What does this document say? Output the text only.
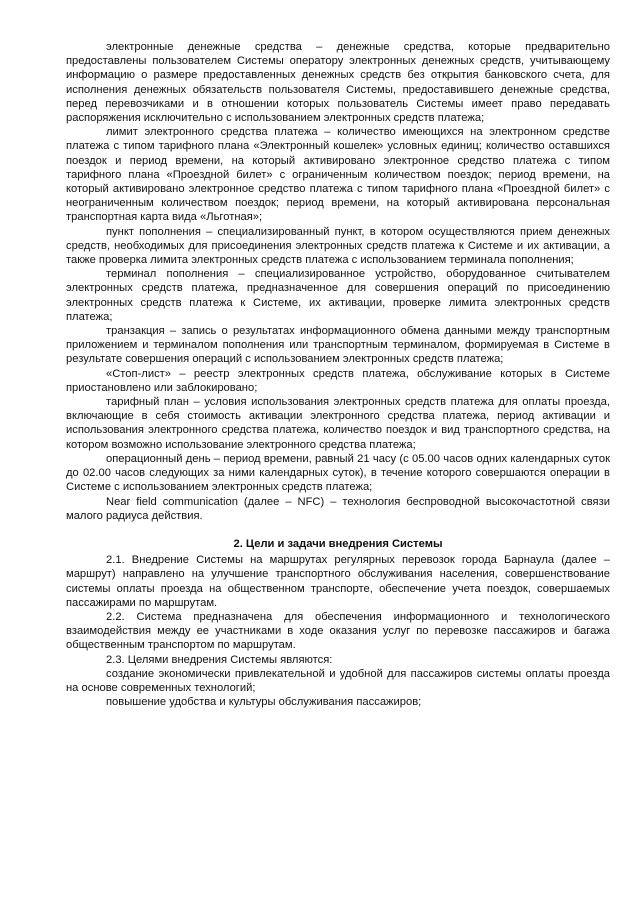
электронные денежные средства – денежные средства, которые предварительно предоставлены пользователем Системы оператору электронных денежных средств, учитывающему информацию о размере предоставленных денежных средств без открытия банковского счета, для исполнения денежных обязательств пользователя Системы, предоставившего денежные средства, перед перевозчиками и в отношении которых пользователь Системы имеет право передавать распоряжения исключительно с использованием электронных средств платежа;

лимит электронного средства платежа – количество имеющихся на электронном средстве платежа с типом тарифного плана «Электронный кошелек» условных единиц; количество оставшихся поездок и период времени, на который активировано электронное средство платежа с типом тарифного плана «Проездной билет» с ограниченным количеством поездок; период времени, на который активировано электронное средство платежа с типом тарифного плана «Проездной билет» с неограниченным количеством поездок; период времени, на который активирована персональная транспортная карта вида «Льготная»;

пункт пополнения – специализированный пункт, в котором осуществляются прием денежных средств, необходимых для присоединения электронных средств платежа к Системе и их активации, а также проверка лимита электронных средств платежа с использованием терминала пополнения;

терминал пополнения – специализированное устройство, оборудованное считывателем электронных средств платежа, предназначенное для совершения операций по присоединению электронных средств платежа к Системе, их активации, проверке лимита электронных средств платежа;

транзакция – запись о результатах информационного обмена данными между транспортным приложением и терминалом пополнения или транспортным терминалом, формируемая в Системе в результате совершения операций с использованием электронных средств платежа;

«Стоп-лист» – реестр электронных средств платежа, обслуживание которых в Системе приостановлено или заблокировано;

тарифный план – условия использования электронных средств платежа для оплаты проезда, включающие в себя стоимость активации электронного средства платежа, период активации и использования электронного средства платежа, количество поездок и вид транспортного средства, на котором возможно использование электронного средства платежа;

операционный день – период времени, равный 21 часу (с 05.00 часов одних календарных суток до 02.00 часов следующих за ними календарных суток), в течение которого совершаются операции в Системе с использованием электронных средств платежа;

Near field communication (далее – NFC) – технология беспроводной высокочастотной связи малого радиуса действия.

2. Цели и задачи внедрения Системы

2.1. Внедрение Системы на маршрутах регулярных перевозок города Барнаула (далее – маршрут) направлено на улучшение транспортного обслуживания населения, совершенствование системы оплаты проезда на общественном транспорте, обеспечение учета поездок, совершаемых пассажирами по маршрутам.

2.2. Система предназначена для обеспечения информационного и технологического взаимодействия между ее участниками в ходе оказания услуг по перевозке пассажиров и багажа общественным транспортом по маршрутам.

2.3. Целями внедрения Системы являются:

создание экономически привлекательной и удобной для пассажиров системы оплаты проезда на основе современных технологий;

повышение удобства и культуры обслуживания пассажиров;
